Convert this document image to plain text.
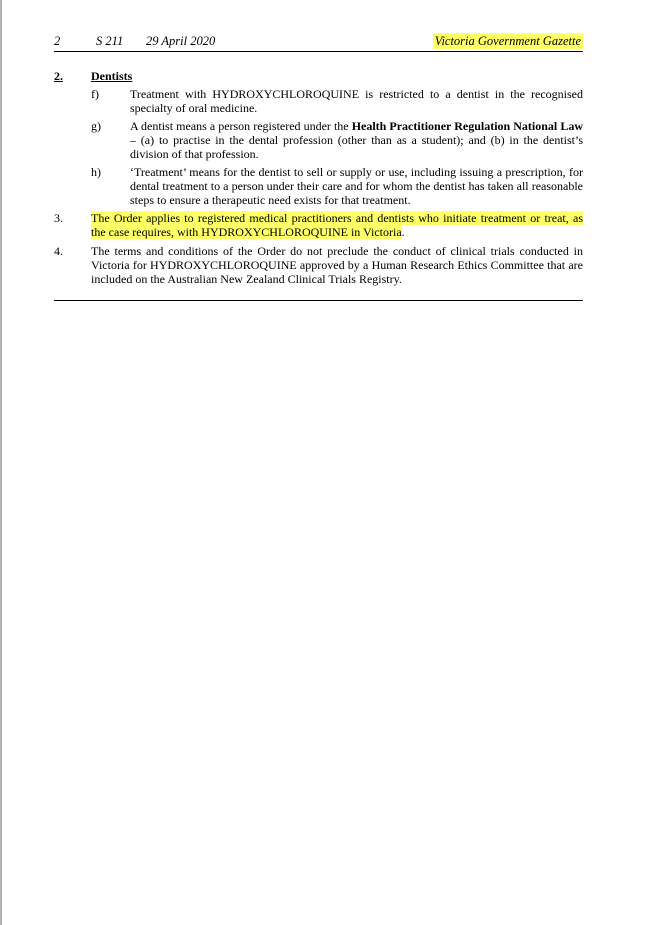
2	S 211 29 April 2020	Victoria Government Gazette
2. Dentists
f)	Treatment with HYDROXYCHLOROQUINE is restricted to a dentist in the recognised specialty of oral medicine.
g) A dentist means a person registered under the Health Practitioner Regulation National Law – (a) to practise in the dental profession (other than as a student); and (b) in the dentist’s division of that profession.
h) ‘Treatment’ means for the dentist to sell or supply or use, including issuing a prescription, for dental treatment to a person under their care and for whom the dentist has taken all reasonable steps to ensure a therapeutic need exists for that treatment.
3. The Order applies to registered medical practitioners and dentists who initiate treatment or treat, as the case requires, with HYDROXYCHLOROQUINE in Victoria.
4. The terms and conditions of the Order do not preclude the conduct of clinical trials conducted in Victoria for HYDROXYCHLOROQUINE approved by a Human Research Ethics Committee that are included on the Australian New Zealand Clinical Trials Registry.
